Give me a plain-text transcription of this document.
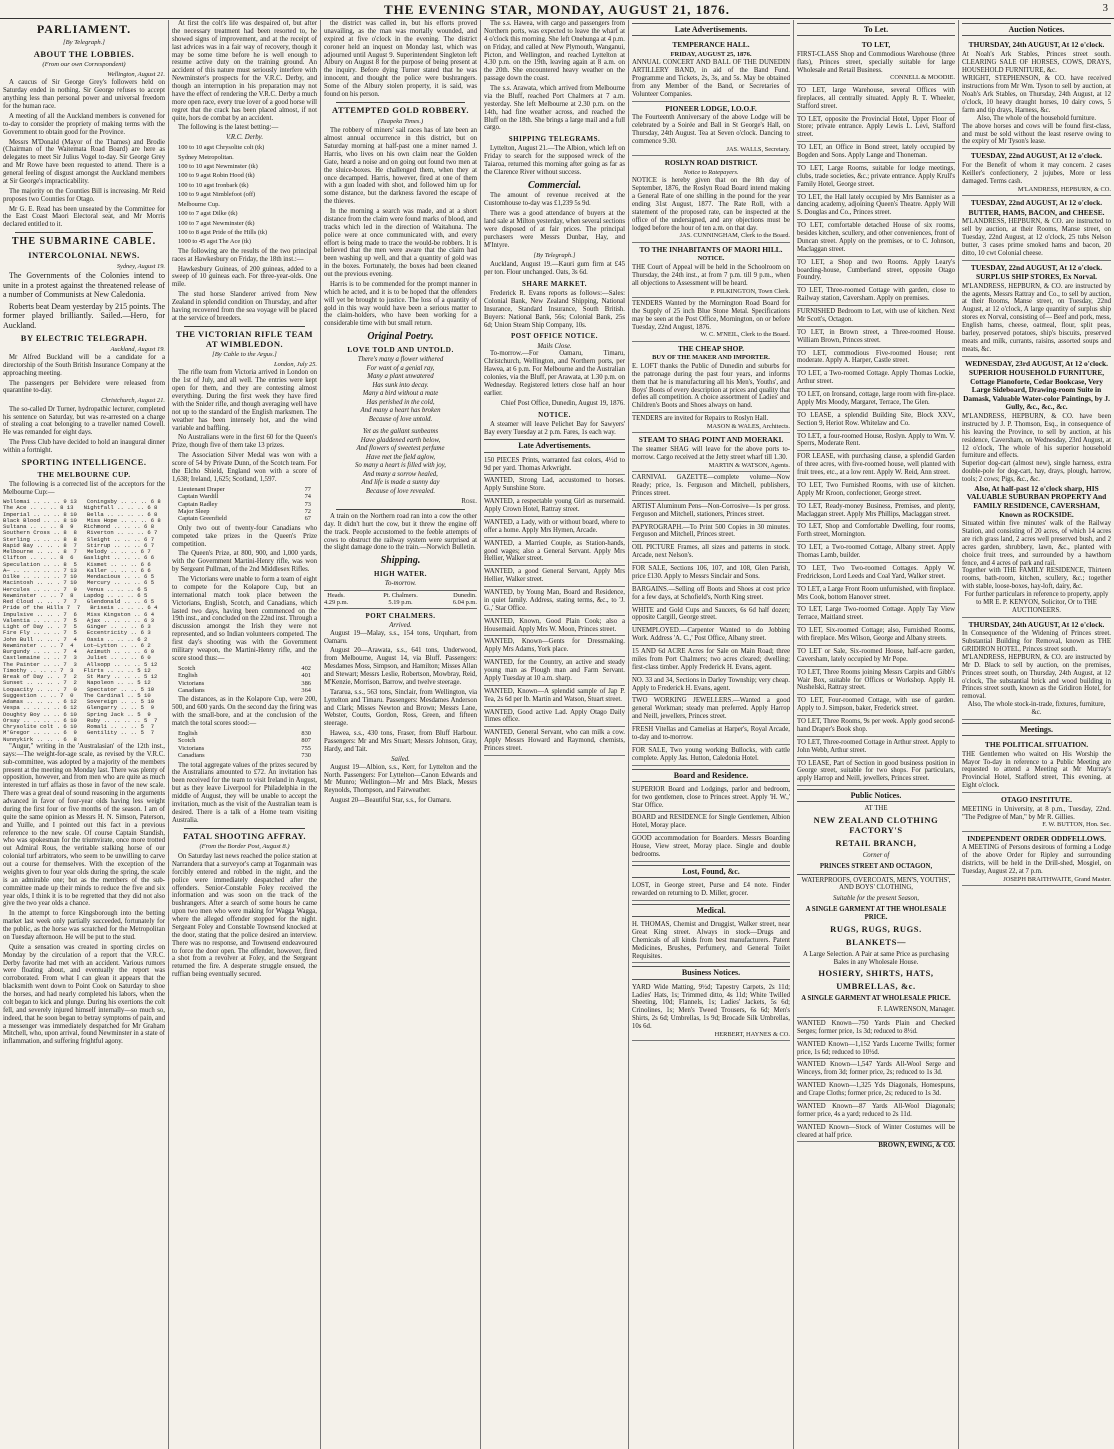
THE EVENING STAR, MONDAY, AUGUST 21, 1876.	3
PARLIAMENT.
[By Telegraph.]
ABOUT THE LOBBIES.
(From our own Correspondent)
Wellington, August 21.

A caucus of Sir George Grey's followers held on Saturday ended in nothing. Sir George refuses to accept anything less than personal power and universal freedom for the human race.

A meeting of all the Auckland members is convened for to-day to consider the propriety of making terms with the Government to obtain good for the Province.

Messrs M'Donald (Mayor of the Thames) and Brodie (Chairman of the Waitemata Road Board) are here as delegates to meet Sir Julius Vogel to-day. Sir George Grey and Mr Rowe have been requested to attend. There is a general feeling of disgust amongst the Auckland members at Sir George's impracticability.

The majority on the Counties Bill is increasing. Mr Reid proposes two Counties for Otago.

Mr G. E. Read has been unseated by the Committee for the East Coast Maori Electoral seat, and Mr Morris declared entitled to it.

THE SUBMARINE CABLE.
INTERCOLONIAL NEWS.
Sydney, August 19.

The Governments of the Colonies intend to unite in a protest against the threatened release of a number of Communists at New Caledonia.

Roberts beat Deam yesterday by 215 points. The former played brilliantly. Sailed.—Hero, for Auckland.

BY ELECTRIC TELEGRAPH.
Auckland, August 19.

Mr Alfred Buckland will be a candidate for a directorship of the South British Insurance Company at the approaching meeting.

The passengers per Belvidere were released from quarantine to-day.

Christchurch, August 21.

The so-called Dr Turner, hydropathic lecturer, completed his sentence on Saturday, but was re-arrested on a charge of stealing a coat belonging to a traveller named Cowell. He was remanded for eight days.

The Press Club have decided to hold an inaugural dinner within a fortnight.

SPORTING INTELLIGENCE.
THE MELBOURNE CUP.

The following is a corrected list of the acceptors for the Melbourne Cup:—

Wollomai .. .. .. 9 13   Coningsby .. .. .. 6 8
The Ace .. .. .. 8 13   Nightfall .. .. .. 6 8
Imperial .. .. .. 8 10   Bella .. .. .. .. 6 8
Black Blood .. .. 8 10   Miss Hope .. .. .. 6 8
Sultana .. .. .. 8  9   Richmond .. .. .. 6 8
Southern Cross .. 8  8   Riverton .. .. .. 6 7
Sterling .. .. .. 8  8   Sleight .. .. .. 6 7
Rapid Bay .. .. . 8  7   Stirrup .. .. .. 6 7
Melbourne .. .. . 8  7   Melody .. .. .. 6 7
Clifton .. .. .. 8  6   Gaslight .. .. .. 6 6
Speculation .. .. 8  5   Kismet .. .. .. 6 6
A— .. .. .. .. .. 7 13   Kaller .. .. .. 6 6
Dilke .. .. .. .. 7 10   Mendacious .. .. 6 5
Macintosh .. .. . 7 10   Mercury .. .. .. 6 5
Hercules .. .. .. 7  9   Venus .. .. .. 6 5
Newminster .. .. 7  8   Lapdog .. .. .. 6 5
Red Cloud .. .. . 7  7   Glendonald .. .. 6 5
Pride of the Hills 7  7   Briseis .. .. .. 6 4
Impulsive .. .. . 7  6   Miss Kingston .. 6 4
Valentia .. .. .. 7  5   Ajax .. .. .. .. 6 3
Light of Day .. . 7  5   Ginger .. .. .. 6 3
Fire Fly .. .. .. 7  5   Eccentricity .. 6 3
John Bull .. .. . 7  4   Oasis .. .. .. 6 2
Newminster .. .. 7  4   Lot—Lytton .. .. 6 2
Burgundy .. .. .. 7  4   Azimuth .. .. .. 6 0
Castlemaine .. .. 7  3   Juliet .. .. .. 6 0
The Painter .. .. 7  3   Allsopp .. .. .. 5 12
Timothy .. .. .. 7  3   Flirts .. .. .. 5 12
Break of Day .. . 7  2   St Mary .. .. .. 5 12
Sunset .. .. .. . 7  2   Napoleon .. .. 5 12
Loquacity .. .. . 7  0   Spectator .. .. 5 10
Suggestion .. .. 7  0   The Cardinal .. 5 10
Adamas .. .. .. . 6 12   Sovereign .. .. 5 10
Vespa .. .. .. .. 6 12   Glengarry .. .. 5  9
Doughty Boy .. .. 6 10   Spring Jack .. 5  9
Orsay .. .. .. .. 6 10   Ruby .. .. .. .. 5  7
Chrysolite colt . 6 10   Romali .. .. .. 5  7
M'Gregor .. .. .. 6  9   Gentility .. .. 5  7
Nunnykirk .. .. . 6  8

"Augur," writing in the 'Australasian' of the 12th inst., says:—The weight-for-age scale, as revised by the V.R.C. sub-committee, was adopted by a majority of the members present at the meeting on Monday last. There was plenty of opposition, however, and from men who are quite as much interested in turf affairs as those in favor of the new scale. There was a great deal of sound reasoning in the arguments advanced in favor of four-year olds having less weight during the first four or five months of the season. I am of quite the same opinion as Messrs H. N. Simson, Paterson, and Yuille, and I pointed out this fact in a previous reference to the new scale. Of course Captain Standish, who was spokesman for the triumvirate, once more trotted out Admiral Rous, the veritable stalking horse of our colonial turf arbitrators, who seem to be unwilling to carve out a course for themselves. With the exception of the weights given to four year olds during the spring, the scale is an admirable one; but as the members of the sub-committee made up their minds to reduce the five and six year olds, I think it is to be regretted that they did not also give the two year olds a chance.

In the attempt to force Kingsborough into the betting market last week only partially succeeded, fortunately for the public, as the horse was scratched for the Metropolitan on Tuesday afternoon. He will be put to the stud.

Quite a sensation was created in sporting circles on Monday by the circulation of a report that the V.R.C. Derby favorite had met with an accident. Various rumors were floating about, and eventually the report was corroborated. From what I can glean it appears that the blacksmith went down to Point Cook on Saturday to shoe the horses, and had nearly completed his labors, when the colt began to kick and plunge. During his exertions the colt fell, and severely injured himself internally—so much so, indeed, that he soon began to betray symptoms of pain, and a messenger was immediately despatched for Mr Graham Mitchell, who, upon arrival, found Newminster in a state of inflammation, and suffering frightful agony.

At first the colt's life was despaired of, but after the necessary treatment had been resorted to, he showed signs of improvement, and at the receipt of last advices was in a fair way of recovery, though it may be some time before he is well enough to resume active duty on the training ground. An accident of this nature must seriously interfere with Newminster's prospects for the V.R.C. Derby, and though an interruption in his preparation may not have the effect of rendering the V.R.C. Derby a much more open race, every true lover of a good horse will regret that the crack has been placed almost, if not quite, hors de combat by an accident.

The following is the latest betting:—

V.R.C. Derby.
100 to 10 agst Chrysolite colt (tk)
Sydney Metropolitan.
100 to 10 agst Newminster (tk)
100 to 9 agst Robin Hood (tk)
100 to 10 agst Ironbark (tk)
100 to 9 agst Nimblefoot (off)
Melbourne Cup.
100 to 7 agst Dilke (tk)
100 to 7 agst Newminster (tk)
100 to 8 agst Pride of the Hills (tk)
1000 to 45 agst The Ace (tk)

The following are the results of the two principal races at Hawkesbury on Friday, the 18th inst.:—

Hawkesbury Guineas, of 200 guineas, added to a sweep of 10 guineas each. For three-year-olds. One mile.

The stud horse Slanderer arrived from New Zealand in splendid condition on Thursday, and after having recovered from the sea voyage will be placed at the service of breeders.

THE VICTORIAN RIFLE TEAM AT WIMBLEDON.
[By Cable to the Argus.]
London, July 25.

The rifle team from Victoria arrived in London on the 1st of July, and all well. The entries were kept open for them, and they are contesting almost everything. During the first week they have fired with the Snider rifle, and though averaging well have not up to the standard of the English marksmen. The weather has been intensely hot, and the wind variable and baffling.

No Australians were in the first 60 for the Queen's Prize, though five of them take 13 prizes.

The Association Silver Medal was won with a score of 54 by Private Dunn, of the Scotch team. For the Elcho Shield, England won with a score of 1,638; Ireland, 1,625; Scotland, 1,597.

Lieutenant Draper	77
Captain Wardill	74
Captain Radley	73
Major Sleep	72
Captain Greenfield	67

Only two out of twenty-four Canadians who competed take prizes in the Queen's Prize competition.

The Queen's Prize, at 800, 900, and 1,000 yards, with the Government Martini-Henry rifle, was won by Sergeant Pullman, of the 2nd Middlesex Rifles.

The Victorians were unable to form a team of eight to compete for the Kolapore Cup, but an international match took place between the Victorians, English, Scotch, and Canadians, which lasted two days, having been commenced on the 19th inst., and concluded on the 22nd inst. Through a discussion amongst the Irish they were not represented, and so Indian volunteers competed. The first day's shooting was with the Government military weapon, the Martini-Henry rifle, and the score stood thus:—

Scotch	402
English	401
Victorians	386
Canadians	364

The distances, as in the Kolapore Cup, were 200, 500, and 600 yards. On the second day the firing was with the small-bore, and at the conclusion of the match the total scores stood:—

English	830
Scotch	807
Victorians	755
Canadians	730

The total aggregate values of the prizes secured by the Australians amounted to £72. An invitation has been received for the team to visit Ireland in August, but as they leave Liverpool for Philadelphia in the middle of August, they will be unable to accept the invitation, much as the visit of the Australian team is desired. There is a talk of a Home team visiting Australia.

FATAL SHOOTING AFFRAY.
(From the Border Post, August 8.)

On Saturday last news reached the police station at Narrandera that a surveyor's camp at Toganmain was forcibly entered and robbed in the night, and the police were immediately despatched after the offenders. Senior-Constable Foley received the information and was soon on the track of the bushrangers. After a search of some hours he came upon two men who were making for Wagga Wagga, where the alleged offender stopped for the night. Sergeant Foley and Constable Townsend knocked at the door, stating that the police desired an interview. There was no response, and Townsend endeavoured to force the door open. The offender, however, fired a shot from a revolver at Foley, and the Sergeant returned the fire. A desperate struggle ensued, the ruffian being eventually secured.

the district was called in, but his efforts proved unavailing, as the man was mortally wounded, and expired at five o'clock in the evening. The district coroner held an inquest on Monday last, which was adjourned until August 9. Superintendent Singleton left Albury on August 8 for the purpose of being present at the inquiry. Before dying Turner stated that he was innocent, and thought the police were bushrangers. Some of the Albury stolen property, it is said, was found on his person.

ATTEMPTED GOLD ROBBERY.
(Tuapeka Times.)

The robbery of miners' sail races has of late been an almost annual occurrence in this district, but on Saturday morning at half-past one a miner named J. Harris, who lives on his own claim near the Golden Gate, heard a noise and on going out found two men at the sluice-boxes. He challenged them, when they at once decamped. Harris, however, fired at one of them with a gun loaded with shot, and followed him up for some distance, but the darkness favored the escape of the thieves.

In the morning a search was made, and at a short distance from the claim were found marks of blood, and tracks which led in the direction of Waitahuna. The police were at once communicated with, and every effort is being made to trace the would-be robbers. It is believed that the men were aware that the claim had been washing up well, and that a quantity of gold was in the boxes. Fortunately, the boxes had been cleaned out the previous evening.

Harris is to be commended for the prompt manner in which he acted, and it is to be hoped that the offenders will yet be brought to justice. The loss of a quantity of gold in this way would have been a serious matter to the claim-holders, who have been working for a considerable time with but small return.

Original Poetry.
LOVE TOLD AND UNTOLD.
There's many a flower withered
For want of a genial ray,
Many a plant unwatered
Has sunk into decay.
Many a bird without a mate
Has perished in the cold,
And many a heart has broken
Because of love untold.
Yet as the gallant sunbeams
Have gladdened earth below,
And flowers of sweetest perfume
Have met the field aglow,
So many a heart is filled with joy,
And many a sorrow healed,
And life is made a sunny day
Because of love revealed.
Rose.

A train on the Northern road ran into a cow the other day. It didn't hurt the cow, but it threw the engine off the track. People accustomed to the feeble attempts of cows to obstruct the railway system were surprised at the slight damage done to the train.—Norwich Bulletin.

Shipping.
HIGH WATER.
To-morrow.
Heads.
4.29 p.m.
Pt. Chalmers.
5.19 p.m.
Dunedin.
6.04 p.m.
PORT CHALMERS.
Arrived.

August 19—Malay, s.s., 154 tons, Urquhart, from Oamaru.

August 20—Arawata, s.s., 641 tons, Underwood, from Melbourne, August 14, via Bluff. Passengers: Mesdames Moss, Simpson, and Hamilton; Misses Allan and Stewart; Messrs Leslie, Robertson, Mowbray, Reid, M'Kenzie, Morrison, Barrow, and twelve steerage.

Tararua, s.s., 563 tons, Sinclair, from Wellington, via Lyttelton and Timaru. Passengers: Mesdames Anderson and Clark; Misses Newton and Brown; Messrs Lane, Webster, Coutts, Gordon, Ross, Green, and fifteen steerage.

Hawea, s.s., 430 tons, Fraser, from Bluff Harbour. Passengers: Mr and Mrs Stuart; Messrs Johnson, Gray, Hardy, and Tait.

Sailed.

August 19—Albion, s.s., Kerr, for Lyttelton and the North. Passengers: For Lyttelton—Canon Edwards and Mr Munro; Wellington—Mr and Mrs Black, Messrs Reynolds, Thompson, and Fairweather.

August 20—Beautiful Star, s.s., for Oamaru.

The s.s. Hawea, with cargo and passengers from Northern ports, was expected to leave the wharf at 4 o'clock this morning. She left Onehunga at 4 p.m. on Friday, and called at New Plymouth, Wanganui, Picton, and Wellington, and reached Lyttelton at 4.30 p.m. on the 19th, leaving again at 8 a.m. on the 20th. She encountered heavy weather on the passage down the coast.

The s.s. Arawata, which arrived from Melbourne via the Bluff, reached Port Chalmers at 7 a.m. yesterday. She left Melbourne at 2.30 p.m. on the 14th, had fine weather across, and reached the Bluff on the 18th. She brings a large mail and a full cargo.

SHIPPING TELEGRAMS.

Lyttelton, August 21.—The Albion, which left on Friday to search for the supposed wreck of the Taiaroa, returned this morning after going as far as the Clarence River without success.

Commercial.

The amount of revenue received at the Customhouse to-day was £1,239 5s 9d.

There was a good attendance of buyers at the land sale at Milton yesterday, when several sections were disposed of at fair prices. The principal purchasers were Messrs Dunbar, Hay, and M'Intyre.

[By Telegraph.]

Auckland, August 19.—Kauri gum firm at £45 per ton. Flour unchanged. Oats, 3s 6d.

SHARE MARKET.

Frederick R. Evans reports as follows:—Sales: Colonial Bank, New Zealand Shipping, National Insurance, Standard Insurance, South British. Buyers: National Bank, 56s; Colonial Bank, 25s 6d; Union Steam Ship Company, 10s.

POST OFFICE NOTICE.
Mails Close.

To-morrow.—For Oamaru, Timaru, Christchurch, Wellington, and Northern ports, per Hawea, at 6 p.m. For Melbourne and the Australian colonies, via the Bluff, per Arawata, at 1.30 p.m. on Wednesday. Registered letters close half an hour earlier.

Chief Post Office, Dunedin, August 19, 1876.
NOTICE.

A steamer will leave Pelichet Bay for Sawyers' Bay every Tuesday at 2 p.m. Fares, 1s each way.

Late Advertisements.
150 PIECES Prints, warranted fast colors, 4½d to 9d per yard. Thomas Arkwright.
WANTED, Strong Lad, accustomed to horses. Apply Sunshine Store.
WANTED, a respectable young Girl as nursemaid. Apply Crown Hotel, Rattray street.
WANTED, a Lady, with or without board, where to offer a home. Apply Mrs Hymen, Arcade.
WANTED, a Married Couple, as Station-hands, good wages; also a General Servant. Apply Mrs Hellier, Walker street.
WANTED, a good General Servant, Apply Mrs Hellier, Walker street.
WANTED, by Young Man, Board and Residence, in quiet family. Address, stating terms, &c., to 'J. G.,' Star Office.
WANTED, Known, Good Plain Cook; also a Housemaid. Apply Mrs W. Moon, Princes street.
WANTED, Known—Gents for Dressmaking. Apply Mrs Adams, York place.
WANTED, for the Country, an active and steady young man as Plough man and Farm Servant. Apply Tuesday at 10 a.m. sharp.
WANTED, Known—A splendid sample of Jap P. Tea, 2s 6d per lb. Martin and Watson, Stuart street.
WANTED, Good active Lad. Apply Otago Daily Times office.
WANTED, General Servant, who can milk a cow. Apply Messrs Howard and Raymond, chemists, Princes street.
Late Advertisements.
TEMPERANCE HALL.
FRIDAY, AUGUST 25, 1876.
ANNUAL CONCERT AND BALL OF THE DUNEDIN ARTILLERY BAND, in aid of the Band Fund. Programme and Tickets, 2s, 3s, and 5s. May be obtained from any Member of the Band, or Secretaries of Volunteer Companies.
PIONEER LODGE, I.O.O.F.
The Fourteenth Anniversary of the above Lodge will be celebrated by a Soirée and Ball in St George's Hall, on Thursday, 24th August. Tea at Seven o'clock. Dancing to commence 9.30.
JAS. WALLS, Secretary.
ROSLYN ROAD DISTRICT.
Notice to Ratepayers.
NOTICE is hereby given that on the 8th day of September, 1876, the Roslyn Road Board intend making a General Rate of one shilling in the pound for the year ending 31st August, 1877. The Rate Roll, with a statement of the proposed rate, can be inspected at the office of the undersigned, and any objections must be lodged before the hour of ten a.m. on that day.
JAS. CUNNINGHAM, Clerk to the Board.
TO THE INHABITANTS OF MAORI HILL.
NOTICE.
THE Court of Appeal will be held in the Schoolroom on Thursday, the 24th inst., at from 7 p.m. till 9 p.m., when all objections to Assessment will be heard.
P. PILKINGTON, Town Clerk.
TENDERS Wanted by the Mornington Road Board for the Supply of 25 inch Blue Stone Metal. Specifications may be seen at the Post Office, Mornington, on or before Tuesday, 22nd August, 1876.
W. C. M'NEIL, Clerk to the Board.
THE CHEAP SHOP.
BUY OF THE MAKER AND IMPORTER.
E. LOFT thanks the Public of Dunedin and suburbs for the patronage during the past four years, and informs them that he is manufacturing all his Men's, Youths', and Boys' Boots of every description at prices and quality that defies all competition. A choice assortment of Ladies' and Children's Boots and Shoes always on hand.
TENDERS are invited for Repairs to Roslyn Hall.
MASON & WALES, Architects.
STEAM TO SHAG POINT AND MOERAKI.
The steamer SHAG will leave for the above ports to-morrow. Cargo received at the Jetty street wharf till 1.30.
MARTIN & WATSON, Agents.
CARNIVAL GAZETTE—complete volume—Now Ready; price, 1s. Ferguson and Mitchell, publishers, Princes street.
ARTIST Aluminum Pens—Non-Corrosive—1s per gross. Ferguson and Mitchell, stationers, Princes street.
PAPYROGRAPH.—To Print 500 Copies in 30 minutes. Ferguson and Mitchell, Princes street.
OIL PICTURE Frames, all sizes and patterns in stock. Arcade, next Nelson's.
FOR SALE, Sections 106, 107, and 108, Glen Parish, price £130. Apply to Messrs Sinclair and Sons.
BARGAINS.—Selling off Boots and Shoes at cost price for a few days, at Schofield's, North King street.
WHITE and Gold Cups and Saucers, 6s 6d half dozen; opposite Cargill, George street.
UNEMPLOYED.—Carpenter Wanted to do Jobbing Work. Address 'A. C.,' Post Office, Albany street.
15 AND 6d ACRE Acres for Sale on Main Road; three miles from Port Chalmers; two acres cleared; dwelling; first-class timber. Apply Frederick H. Evans, agent.
NO. 33 and 34, Sections in Darley Township; very cheap. Apply to Frederick H. Evans, agent.
TWO WORKING JEWELLERS.—Wanted a good general Workman; steady man preferred. Apply Harrop and Neill, jewellers, Princes street.
FRESH Vitellas and Camelias at Harper's, Royal Arcade, to-day and to-morrow.
FOR SALE, Two young working Bullocks, with cattle complete. Apply Jas. Hutton, Caledonia Hotel.
Board and Residence.
SUPERIOR Board and Lodgings, parlor and bedroom, for two gentlemen, close to Princes street. Apply 'H. W.,' Star Office.
BOARD and RESIDENCE for Single Gentlemen, Albion Hotel, Moray place.
GOOD accommodation for Boarders. Messrs Boarding House, View street, Moray place. Single and double bedrooms.
Lost, Found, &c.
LOST, in George street, Purse and £4 note. Finder rewarded on returning to D. Miller, grocer.
Medical.
H. THOMAS, Chemist and Druggist, Walker street, near Great King street. Always in stock—Drugs and Chemicals of all kinds from best manufacturers. Patent Medicines, Brushes, Perfumery, and General Toilet Requisites.
Business Notices.
YARD Wide Matting, 9½d; Tapestry Carpets, 2s 11d; Ladies' Hats, 1s; Trimmed ditto, 4s 11d; White Twilled Sheeting, 10d; Flannels, 1s; Ladies' Jackets, 5s 6d; Crinolines, 1s; Men's Tweed Trousers, 6s 6d; Men's Shirts, 2s 6d; Umbrellas, 1s 9d; Brocade Silk Umbrellas, 10s 6d.
HERBERT, HAYNES & CO.
To Let.
TO LET,
FIRST-CLASS Shop and Commodious Warehouse (three flats), Princes street, specially suitable for large Wholesale and Retail Business.
CONNELL & MOODIE.
TO LET, large Warehouse, several Offices with fireplaces, all centrally situated. Apply R. T. Wheeler, Stafford street.
TO LET, opposite the Provincial Hotel, Upper Floor of Store; private entrance. Apply Lewis L. Levi, Stafford street.
TO LET, an Office in Bond street, lately occupied by Bogden and Sons. Apply Lange and Thoneman.
TO LET, Large Rooms, suitable for lodge meetings, clubs, trade societies, &c.; private entrance. Apply Krull's Family Hotel, George street.
TO LET, the Hall lately occupied by Mrs Bannister as a dancing academy, adjoining Queen's Theatre. Apply Will S. Douglas and Co., Princes street.
TO LET, comfortable detached House of six rooms, besides kitchen, scullery, and other conveniences, front of Duncan street. Apply on the premises, or to C. Johnson, Maclaggan street.
TO LET, a Shop and two Rooms. Apply Leary's boarding-house, Cumberland street, opposite Otago Foundry.
TO LET, Three-roomed Cottage with garden, close to Railway station, Caversham. Apply on premises.
FURNISHED Bedroom to Let, with use of kitchen. Next Mr Scott's, Octagon.
TO LET, in Brown street, a Three-roomed House. William Brown, Princes street.
TO LET, commodious Five-roomed House; rent moderate. Apply A. Harper, Castle street.
TO LET, a Two-roomed Cottage. Apply Thomas Lockie, Arthur street.
TO LET, on Ironsand, cottage, large room with fire-place. Apply Mrs Moody, Margaret, Terrace, The Glen.
TO LEASE, a splendid Building Site, Block XXV., Section 9, Heriot Row. Whitelaw and Co.
TO LET, a four-roomed House, Roslyn. Apply to Wm. V. Sperrs, Moderate Rent.
FOR LEASE, with purchasing clause, a splendid Garden of three acres, with five-roomed house, well planted with fruit trees, etc., at a low rent. Apply W. Reid, Ann street.
TO LET, Two Furnished Rooms, with use of kitchen. Apply Mr Kroon, confectioner, George street.
TO LET, Ready-money Business, Premises, and plenty, Maclaggan street. Apply Mrs Phillips, Maclaggan street.
TO LET, Shop and Comfortable Dwelling, four rooms, Forth street, Mornington.
TO LET, a Two-roomed Cottage, Albany street. Apply Thomas Lamb, builder.
TO LET, Two Two-roomed Cottages. Apply W. Fredrickson, Lord Leeds and Coal Yard, Walker street.
TO LET, a Large Front Room unfurnished, with fireplace. Mrs Cook, bottom Hanover street.
TO LET, Large Two-roomed Cottage. Apply Tay View Terrace, Maitland street.
TO LET, Six-roomed Cottage; also, Furnished Rooms, with fireplace. Mrs Wilson, George and Albany streets.
TO LET or Sale, Six-roomed House, half-acre garden, Caversham, lately occupied by Mr Pope.
TO LET, Three Rooms joining Messrs Carpits and Gibb's Wair Box, suitable for Offices or Workshop. Apply H. Nushelski, Rattray street.
TO LET, Four-roomed Cottage, with use of garden. Apply to J. Simpson, baker, Frederick street.
TO LET, Three Rooms, 9s per week. Apply good second-hand Draper's Book shop.
TO LET, Three-roomed Cottage in Arthur street. Apply to John Webb, Arthur street.
TO LEASE, Part of Section in good business position in George street, suitable for two shops. For particulars, apply Harrop and Neill, jewellers, Princes street.
Public Notices.
AT THE
NEW ZEALAND CLOTHING FACTORY'S
RETAIL BRANCH,
Corner of
PRINCES STREET AND OCTAGON,
WATERPROOFS, OVERCOATS, MEN'S, YOUTHS', AND BOYS' CLOTHING,
Suitable for the present Season,
A SINGLE GARMENT AT THE WHOLESALE PRICE.
RUGS, RUGS, RUGS.
BLANKETS—
A Large Selection. A Pair at same Price as purchasing Bales in any Wholesale House.
HOSIERY, SHIRTS, HATS,
UMBRELLAS, &c.
A SINGLE GARMENT AT WHOLESALE PRICE.
F. LAWRENSON, Manager.
WANTED Known—750 Yards Plain and Checked Serges; former price, 1s 3d; reduced to 8½d.
WANTED Known—1,152 Yards Lucerne Twills; former price, 1s 6d; reduced to 10½d.
WANTED Known—1,547 Yards All-Wool Serge and Winceys, from 3d; former price, 2s; reduced to 1s 3d.
WANTED Known—1,325 Yds Diagonals, Homespuns, and Crape Cloths; former price, 2s; reduced to 1s 3d.
WANTED Known—87 Yards All-Wool Diagonals; former price, 4s a yard; reduced to 2s 11d.
WANTED Known—Stock of Winter Costumes will be cleared at half price.
BROWN, EWING, & CO.
Auction Notices.
THURSDAY, 24th AUGUST, At 12 o'clock.
At Noah's Ark Stables, Princes street south. CLEARING SALE OF HORSES, COWS, DRAYS, HOUSEHOLD FURNITURE, &c.
WRIGHT, STEPHENSON, & CO. have received instructions from Mr Wm. Tyson to sell by auction, at Noah's Ark Stables, on Thursday, 24th August, at 12 o'clock, 10 heavy draught horses, 10 dairy cows, 5 farm and tip drays, Harness, &c.
Also, The whole of the household furniture.
The above horses and cows will be found first-class, and must be sold without the least reserve owing to the expiry of Mr Tyson's lease.
TUESDAY, 22nd AUGUST, At 12 o'clock.
For the Benefit of whom it may concern. 2 cases Keiller's confectionery, 2 jujubes, More or less damaged. Terms cash.
M'LANDRESS, HEPBURN, & CO.
TUESDAY, 22nd AUGUST, At 12 o'clock.
BUTTER, HAMS, BACON, and CHEESE.
M'LANDRESS, HEPBURN, & CO. are instructed to sell by auction, at their Rooms, Manse street, on Tuesday, 22nd August, at 12 o'clock, 25 tubs Nelson butter, 3 cases prime smoked hams and bacon, 20 ditto, 10 cwt Colonial cheese.
TUESDAY, 22nd AUGUST, At 12 o'clock.
SURPLUS SHIP STORES, Ex Norval.
M'LANDRESS, HEPBURN, & CO. are instructed by the agents, Messrs Rattray and Co., to sell by auction, at their Rooms, Manse street, on Tuesday, 22nd August, at 12 o'clock, A large quantity of surplus ship stores ex Norval, consisting of— Beef and pork, mess, English hams, cheese, oatmeal, flour, split peas, barley, preserved potatoes, ship's biscuits, preserved meats and milk, currants, raisins, assorted soups and meats, &c.
WEDNESDAY, 23rd AUGUST, At 12 o'clock.
SUPERIOR HOUSEHOLD FURNITURE, Cottage Pianoforte, Cedar Bookcase, Very Large Sideboard, Drawing-room Suite in Damask, Valuable Water-color Paintings, by J. Gully, &c., &c., &c.
M'LANDRESS, HEPBURN, & CO. have been instructed by J. P. Thomson, Esq., in consequence of his leaving the Province, to sell by auction, at his residence, Caversham, on Wednesday, 23rd August, at 12 o'clock, The whole of his superior household furniture and effects.
Superior dog-cart (almost new), single harness, extra double-pole for dog-cart, hay, drays, plough, harrow, tools; 2 cows; Pigs, &c., &c.
Also, At half-past 12 o'clock sharp, HIS VALUABLE SUBURBAN PROPERTY And FAMILY RESIDENCE, CAVERSHAM, Known as ROCKSIDE.
Situated within five minutes' walk of the Railway Station, and consisting of 20 acres, of which 14 acres are rich grass land, 2 acres well preserved bush, and 2 acres garden, shrubbery, lawn, &c., planted with choice fruit trees, and surrounded by a hawthorn fence, and 4 acres of park and rail.
Together with THE FAMILY RESIDENCE, Thirteen rooms, bath-room, kitchen, scullery, &c.; together with stable, loose-boxes, hay-loft, dairy, &c.
For further particulars in reference to property, apply to MR E. P. KENYON, Solicitor, Or to THE AUCTIONEERS.
THURSDAY, 24th AUGUST, At 12 o'clock.
In Consequence of the Widening of Princes street. Substantial Building for Removal, known as THE GRIDIRON HOTEL, Princes street south.
M'LANDRESS, HEPBURN, & CO. are instructed by Mr D. Black to sell by auction, on the premises, Princes street south, on Thursday, 24th August, at 12 o'clock, The substantial brick and wood building in Princes street south, known as the Gridiron Hotel, for removal.
Also, The whole stock-in-trade, fixtures, furniture, &c.
Meetings.
THE POLITICAL SITUATION.
THE Gentlemen who waited on His Worship the Mayor To-day in reference to a Public Meeting are requested to attend a Meeting at Mr Murray's Provincial Hotel, Stafford street, This evening, at Eight o'clock.
OTAGO INSTITUTE.
MEETING in University, at 8 p.m., Tuesday, 22nd. "The Pedigree of Man," by Mr R. Gillies.
F. W. BUTTON, Hon. Sec.
INDEPENDENT ORDER ODDFELLOWS.
A MEETING of Persons desirous of forming a Lodge of the above Order for Ripley and surrounding districts, will be held in the Drill-shed, Mosgiel, on Tuesday, August 22, at 7 p.m.
JOSEPH BRAITHWAITE, Grand Master.
